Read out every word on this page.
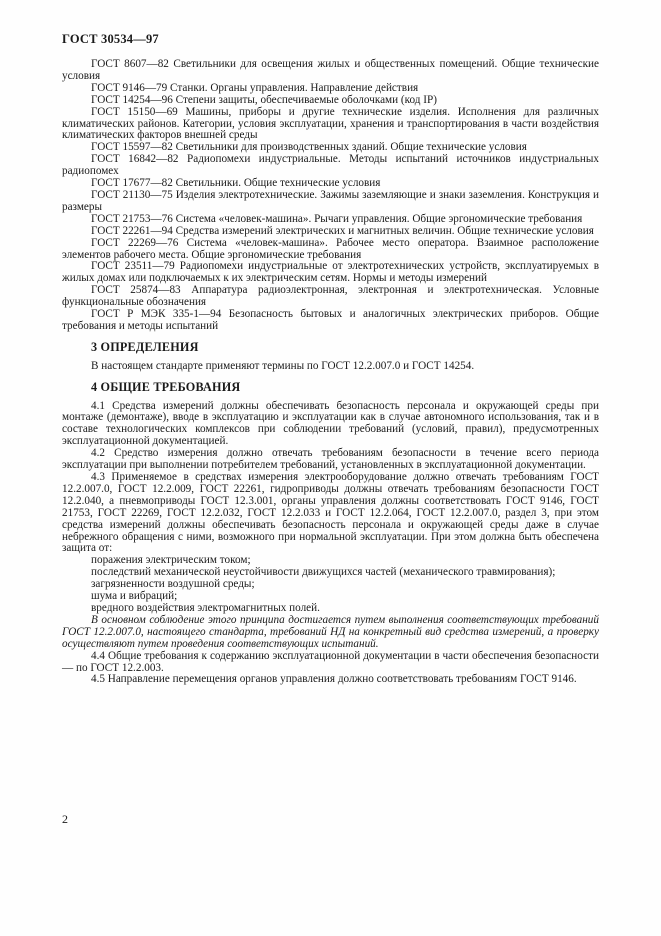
ГОСТ 30534—97

ГОСТ 8607—82 Светильники для освещения жилых и общественных помещений. Общие технические условия

ГОСТ 9146—79 Станки. Органы управления. Направление действия

ГОСТ 14254—96 Степени защиты, обеспечиваемые оболочками (код IP)

ГОСТ 15150—69 Машины, приборы и другие технические изделия. Исполнения для различных климатических районов. Категории, условия эксплуатации, хранения и транспортирования в части воздействия климатических факторов внешней среды

ГОСТ 15597—82 Светильники для производственных зданий. Общие технические условия

ГОСТ 16842—82 Радиопомехи индустриальные. Методы испытаний источников индустриальных радиопомех

ГОСТ 17677—82 Светильники. Общие технические условия

ГОСТ 21130—75 Изделия электротехнические. Зажимы заземляющие и знаки заземления. Конструкция и размеры

ГОСТ 21753—76 Система «человек-машина». Рычаги управления. Общие эргономические требования

ГОСТ 22261—94 Средства измерений электрических и магнитных величин. Общие технические условия

ГОСТ 22269—76 Система «человек-машина». Рабочее место оператора. Взаимное расположение элементов рабочего места. Общие эргономические требования

ГОСТ 23511—79 Радиопомехи индустриальные от электротехнических устройств, эксплуатируемых в жилых домах или подключаемых к их электрическим сетям. Нормы и методы измерений

ГОСТ 25874—83 Аппаратура радиоэлектронная, электронная и электротехническая. Условные функциональные обозначения

ГОСТ Р МЭК 335-1—94 Безопасность бытовых и аналогичных электрических приборов. Общие требования и методы испытаний

3 ОПРЕДЕЛЕНИЯ

В настоящем стандарте применяют термины по ГОСТ 12.2.007.0 и ГОСТ 14254.

4 ОБЩИЕ ТРЕБОВАНИЯ

4.1 Средства измерений должны обеспечивать безопасность персонала и окружающей среды при монтаже (демонтаже), вводе в эксплуатацию и эксплуатации как в случае автономного использования, так и в составе технологических комплексов при соблюдении требований (условий, правил), предусмотренных эксплуатационной документацией.

4.2 Средство измерения должно отвечать требованиям безопасности в течение всего периода эксплуатации при выполнении потребителем требований, установленных в эксплуатационной документации.

4.3 Применяемое в средствах измерения электрооборудование должно отвечать требованиям ГОСТ 12.2.007.0, ГОСТ 12.2.009, ГОСТ 22261, гидроприводы должны отвечать требованиям безопасности ГОСТ 12.2.040, а пневмоприводы ГОСТ 12.3.001, органы управления должны соответствовать ГОСТ 9146, ГОСТ 21753, ГОСТ 22269, ГОСТ 12.2.032, ГОСТ 12.2.033 и ГОСТ 12.2.064, ГОСТ 12.2.007.0, раздел 3, при этом средства измерений должны обеспечивать безопасность персонала и окружающей среды даже в случае небрежного обращения с ними, возможного при нормальной эксплуатации. При этом должна быть обеспечена защита от:

поражения электрическим током;

последствий механической неустойчивости движущихся частей (механического травмирования);

загрязненности воздушной среды;

шума и вибраций;

вредного воздействия электромагнитных полей.

В основном соблюдение этого принципа достигается путем выполнения соответствующих требований ГОСТ 12.2.007.0, настоящего стандарта, требований НД на конкретный вид средства измерений, а проверку осуществляют путем проведения соответствующих испытаний.

4.4 Общие требования к содержанию эксплуатационной документации в части обеспечения безопасности — по ГОСТ 12.2.003.

4.5 Направление перемещения органов управления должно соответствовать требованиям ГОСТ 9146.

2
